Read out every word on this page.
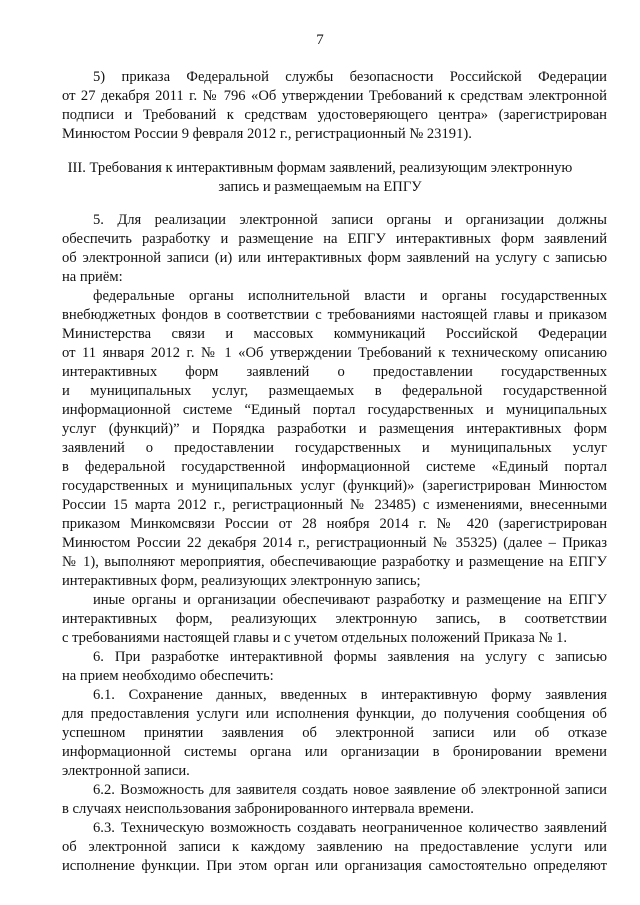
7
5) приказа Федеральной службы безопасности Российской Федерации
от 27 декабря 2011 г. № 796 «Об утверждении Требований к средствам электронной
подписи и Требований к средствам удостоверяющего центра» (зарегистрирован
Минюстом России 9 февраля 2012 г., регистрационный № 23191).
III. Требования к интерактивным формам заявлений, реализующим электронную
запись и размещаемым на ЕПГУ
5. Для реализации электронной записи органы и организации должны
обеспечить разработку и размещение на ЕПГУ интерактивных форм заявлений
об электронной записи (и) или интерактивных форм заявлений на услугу с записью
на приём:
федеральные органы исполнительной власти и органы государственных
внебюджетных фондов в соответствии с требованиями настоящей главы и приказом
Министерства связи и массовых коммуникаций Российской Федерации
от 11 января 2012 г. № 1 «Об утверждении Требований к техническому описанию
интерактивных форм заявлений о предоставлении государственных
и муниципальных услуг, размещаемых в федеральной государственной
информационной системе “Единый портал государственных и муниципальных
услуг (функций)” и Порядка разработки и размещения интерактивных форм
заявлений о предоставлении государственных и муниципальных услуг
в федеральной государственной информационной системе «Единый портал
государственных и муниципальных услуг (функций)» (зарегистрирован Минюстом
России 15 марта 2012 г., регистрационный № 23485) с изменениями, внесенными
приказом Минкомсвязи России от 28 ноября 2014 г. № 420 (зарегистрирован
Минюстом России 22 декабря 2014 г., регистрационный № 35325) (далее – Приказ
№ 1), выполняют мероприятия, обеспечивающие разработку и размещение на ЕПГУ
интерактивных форм, реализующих электронную запись;
иные органы и организации обеспечивают разработку и размещение на ЕПГУ
интерактивных форм, реализующих электронную запись, в соответствии
с требованиями настоящей главы и с учетом отдельных положений Приказа № 1.
6. При разработке интерактивной формы заявления на услугу с записью
на прием необходимо обеспечить:
6.1. Сохранение данных, введенных в интерактивную форму заявления
для предоставления услуги или исполнения функции, до получения сообщения об
успешном принятии заявления об электронной записи или об отказе
информационной системы органа или организации в бронировании времени
электронной записи.
6.2. Возможность для заявителя создать новое заявление об электронной записи
в случаях неиспользования забронированного интервала времени.
6.3. Техническую возможность создавать неограниченное количество заявлений
об электронной записи к каждому заявлению на предоставление услуги или
исполнение функции. При этом орган или организация самостоятельно определяют
